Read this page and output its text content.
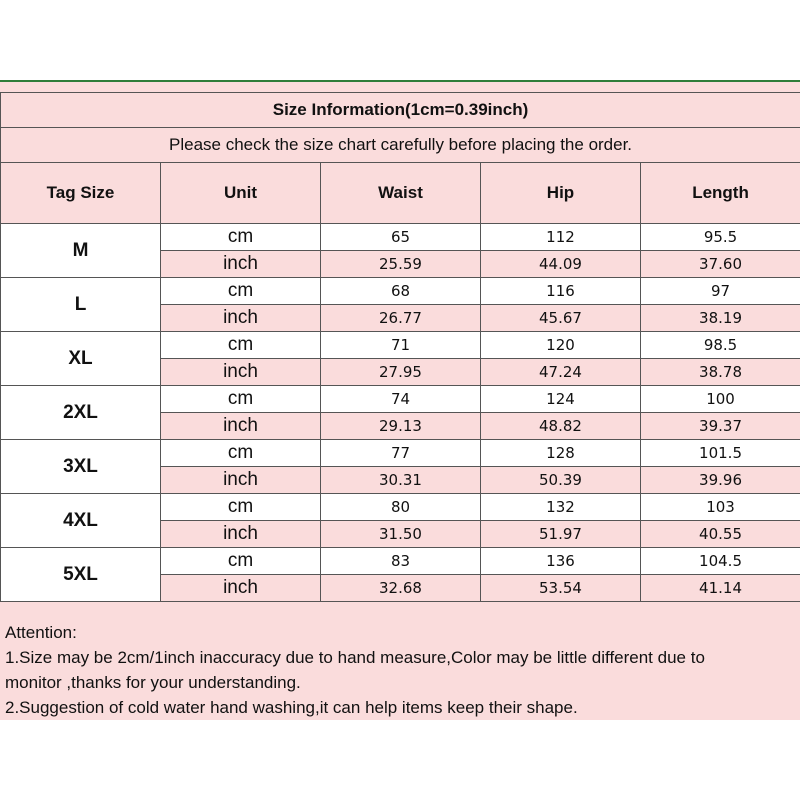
Size Information(1cm=0.39inch)				
Please check the size chart carefully before placing the order.				
Tag Size	Unit	Waist	Hip	Length
M	cm	65	112	95.5
	inch	25.59	44.09	37.60
L	cm	68	116	97
	inch	26.77	45.67	38.19
XL	cm	71	120	98.5
	inch	27.95	47.24	38.78
2XL	cm	74	124	100
	inch	29.13	48.82	39.37
3XL	cm	77	128	101.5
	inch	30.31	50.39	39.96
4XL	cm	80	132	103
	inch	31.50	51.97	40.55
5XL	cm	83	136	104.5
	inch	32.68	53.54	41.14

Attention:

1.Size may be 2cm/1inch inaccuracy due to hand measure,Color may be little different due to

monitor ,thanks for your understanding.

2.Suggestion of cold water hand washing,it can help items keep their shape.
